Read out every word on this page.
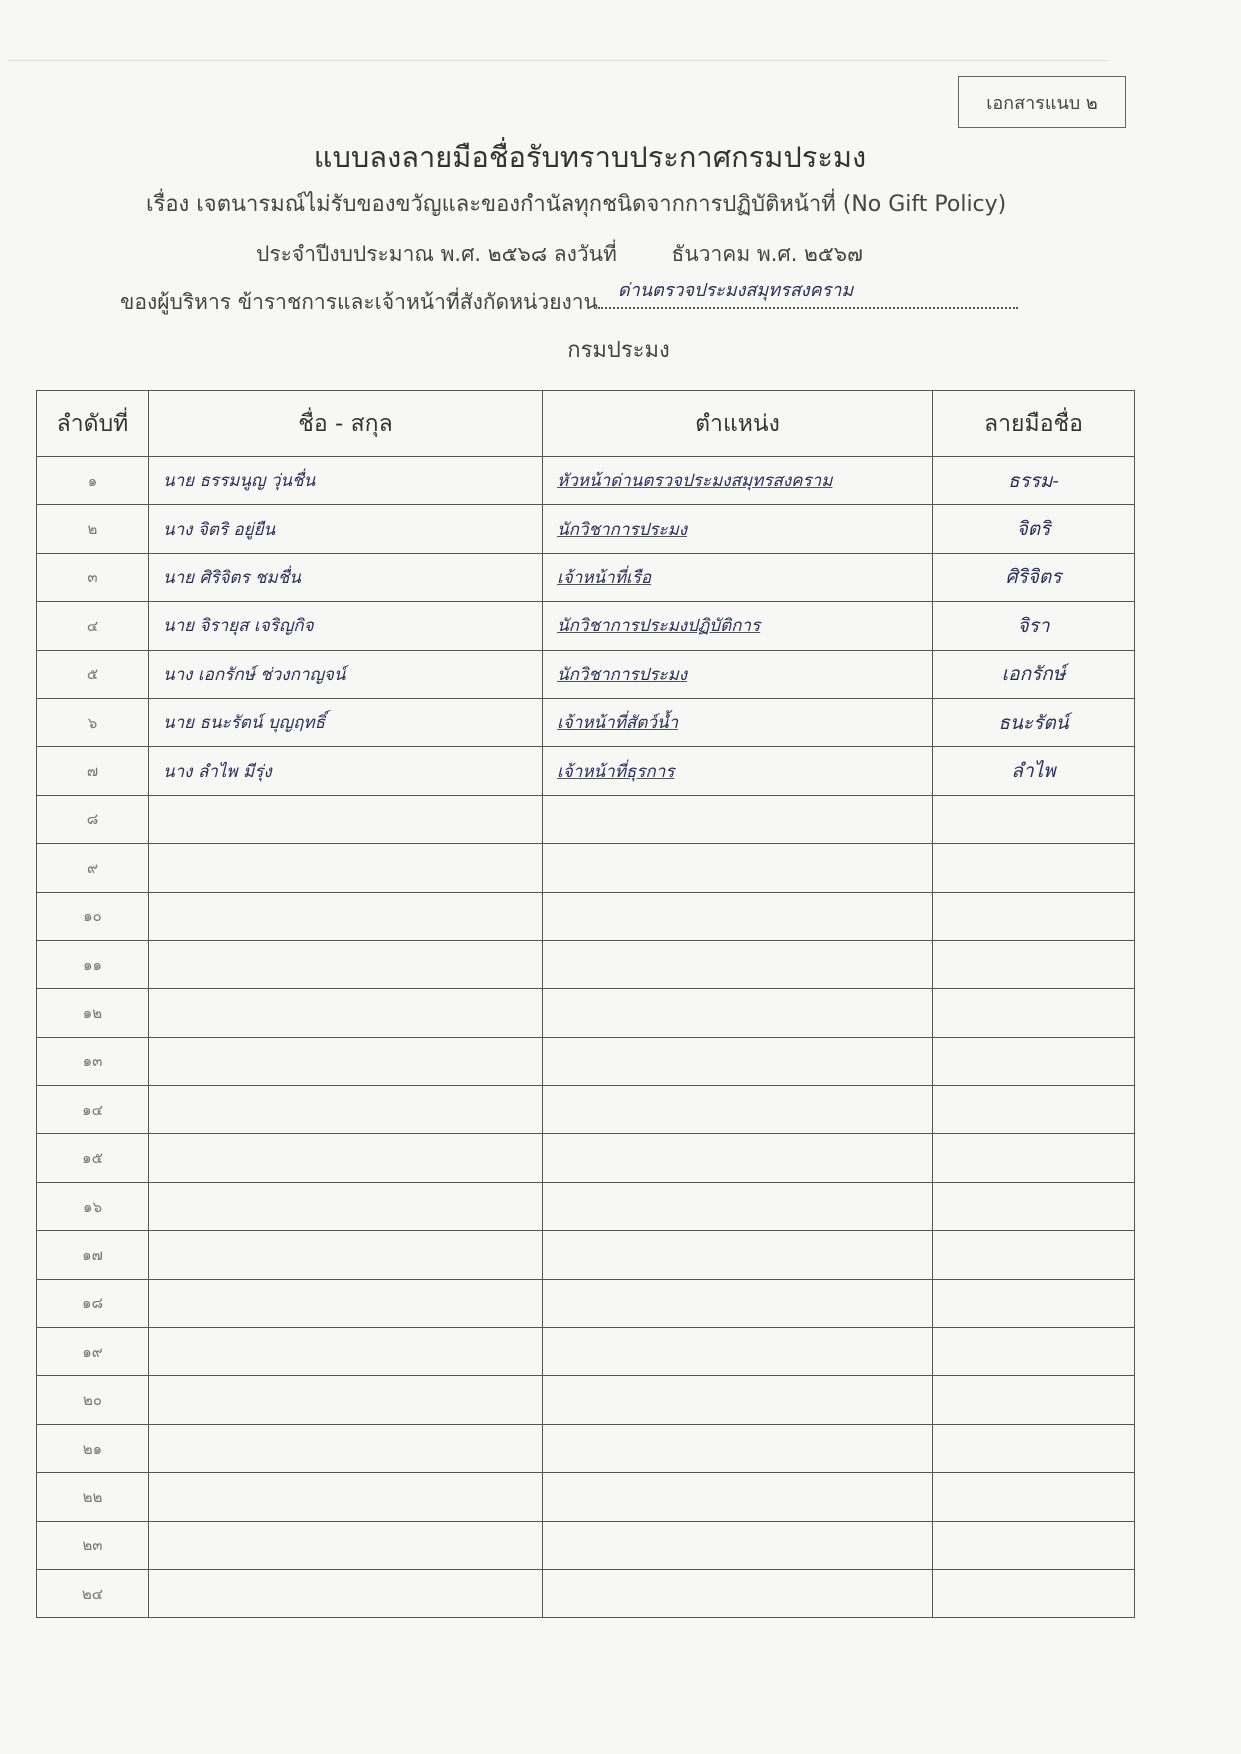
เอกสารแนบ ๒
แบบลงลายมือชื่อรับทราบประกาศกรมประมง
เรื่อง เจตนารมณ์ไม่รับของขวัญและของกำนัลทุกชนิดจากการปฏิบัติหน้าที่ (No Gift Policy)
ประจำปีงบประมาณ พ.ศ. ๒๕๖๘ ลงวันที่	ธันวาคม พ.ศ. ๒๕๖๗
ของผู้บริหาร ข้าราชการและเจ้าหน้าที่สังกัดหน่วยงาน ด่านตรวจประมงสมุทรสงคราม
กรมประมง
ลำดับที่	ชื่อ - สกุล	ตำแหน่ง	ลายมือชื่อ
๑	นาย ธรรมนูญ วุ่นชื่น	หัวหน้าด่านตรวจประมงสมุทรสงคราม	ธรรม-
๒	นาง จิตริ อยู่ยืน	นักวิชาการประมง	จิตริ
๓	นาย ศิริจิตร ชมชื่น	เจ้าหน้าที่เรือ	ศิริจิตร
๔	นาย จิรายุส เจริญกิจ	นักวิชาการประมงปฏิบัติการ	จิรา
๕	นาง เอกรักษ์ ช่วงกาญจน์	นักวิชาการประมง	เอกรักษ์
๖	นาย ธนะรัตน์ บุญฤทธิ์	เจ้าหน้าที่สัตว์น้ำ	ธนะรัตน์
๗	นาง ลำไพ มีรุ่ง	เจ้าหน้าที่ธุรการ	ลำไพ
๘			
๙			
๑๐			
๑๑			
๑๒			
๑๓			
๑๔			
๑๕			
๑๖			
๑๗			
๑๘			
๑๙			
๒๐			
๒๑			
๒๒			
๒๓			
๒๔			
